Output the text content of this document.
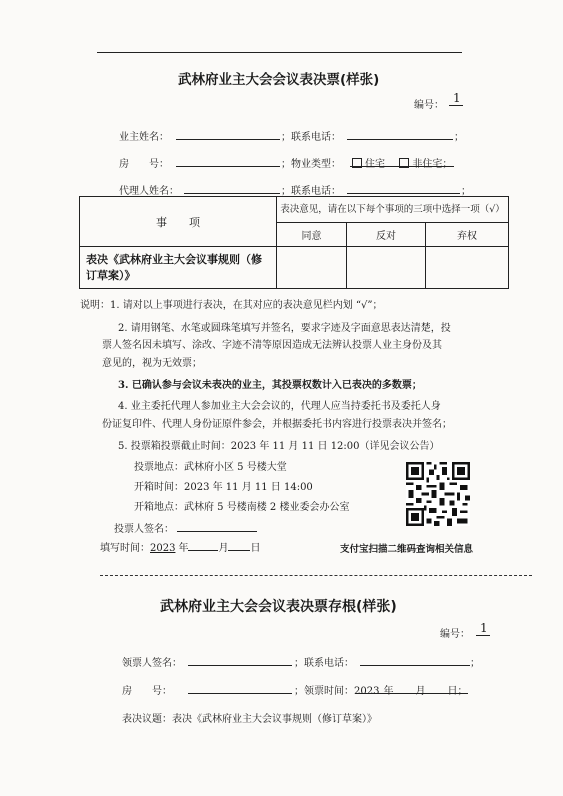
武林府业主大会会议表决票(样张)
编号：
1
业主姓名：	；联系电话：	；
房　　号：	；物业类型：	住宅	非住宅；
代理人姓名：	；联系电话：	；
事　　项	表决意见，请在以下每个事项的三项中选择一项（√）		
	同意	反对	弃权
表决《武林府业主大会议事规则（修订草案）》			
说明：1. 请对以上事项进行表决，在其对应的表决意见栏内划 “√”；
2. 请用钢笔、水笔或圆珠笔填写并签名，要求字迹及字面意思表达清楚，投
票人签名因未填写、涂改、字迹不清等原因造成无法辨认投票人业主身份及其
意见的，视为无效票；
3. 已确认参与会议未表决的业主，其投票权数计入已表决的多数票；
4. 业主委托代理人参加业主大会会议的，代理人应当持委托书及委托人身
份证复印件、代理人身份证原件参会，并根据委托书内容进行投票表决并签名；
5. 投票箱投票截止时间：2023 年 11 月 11 日 12:00（详见会议公告）
投票地点：武林府小区 5 号楼大堂
开箱时间：2023 年 11 月 11 日 14:00
开箱地点：武林府 5 号楼南楼 2 楼业委会办公室
投票人签名：
填写时间：2023 年	月 日	支付宝扫描二维码查询相关信息
武林府业主大会会议表决票存根(样张)
编号： 1
领票人签名：	；联系电话：	；
房　　号：	；领票时间：2023 年 月 日；
表决议题：表决《武林府业主大会议事规则（修订草案）》
